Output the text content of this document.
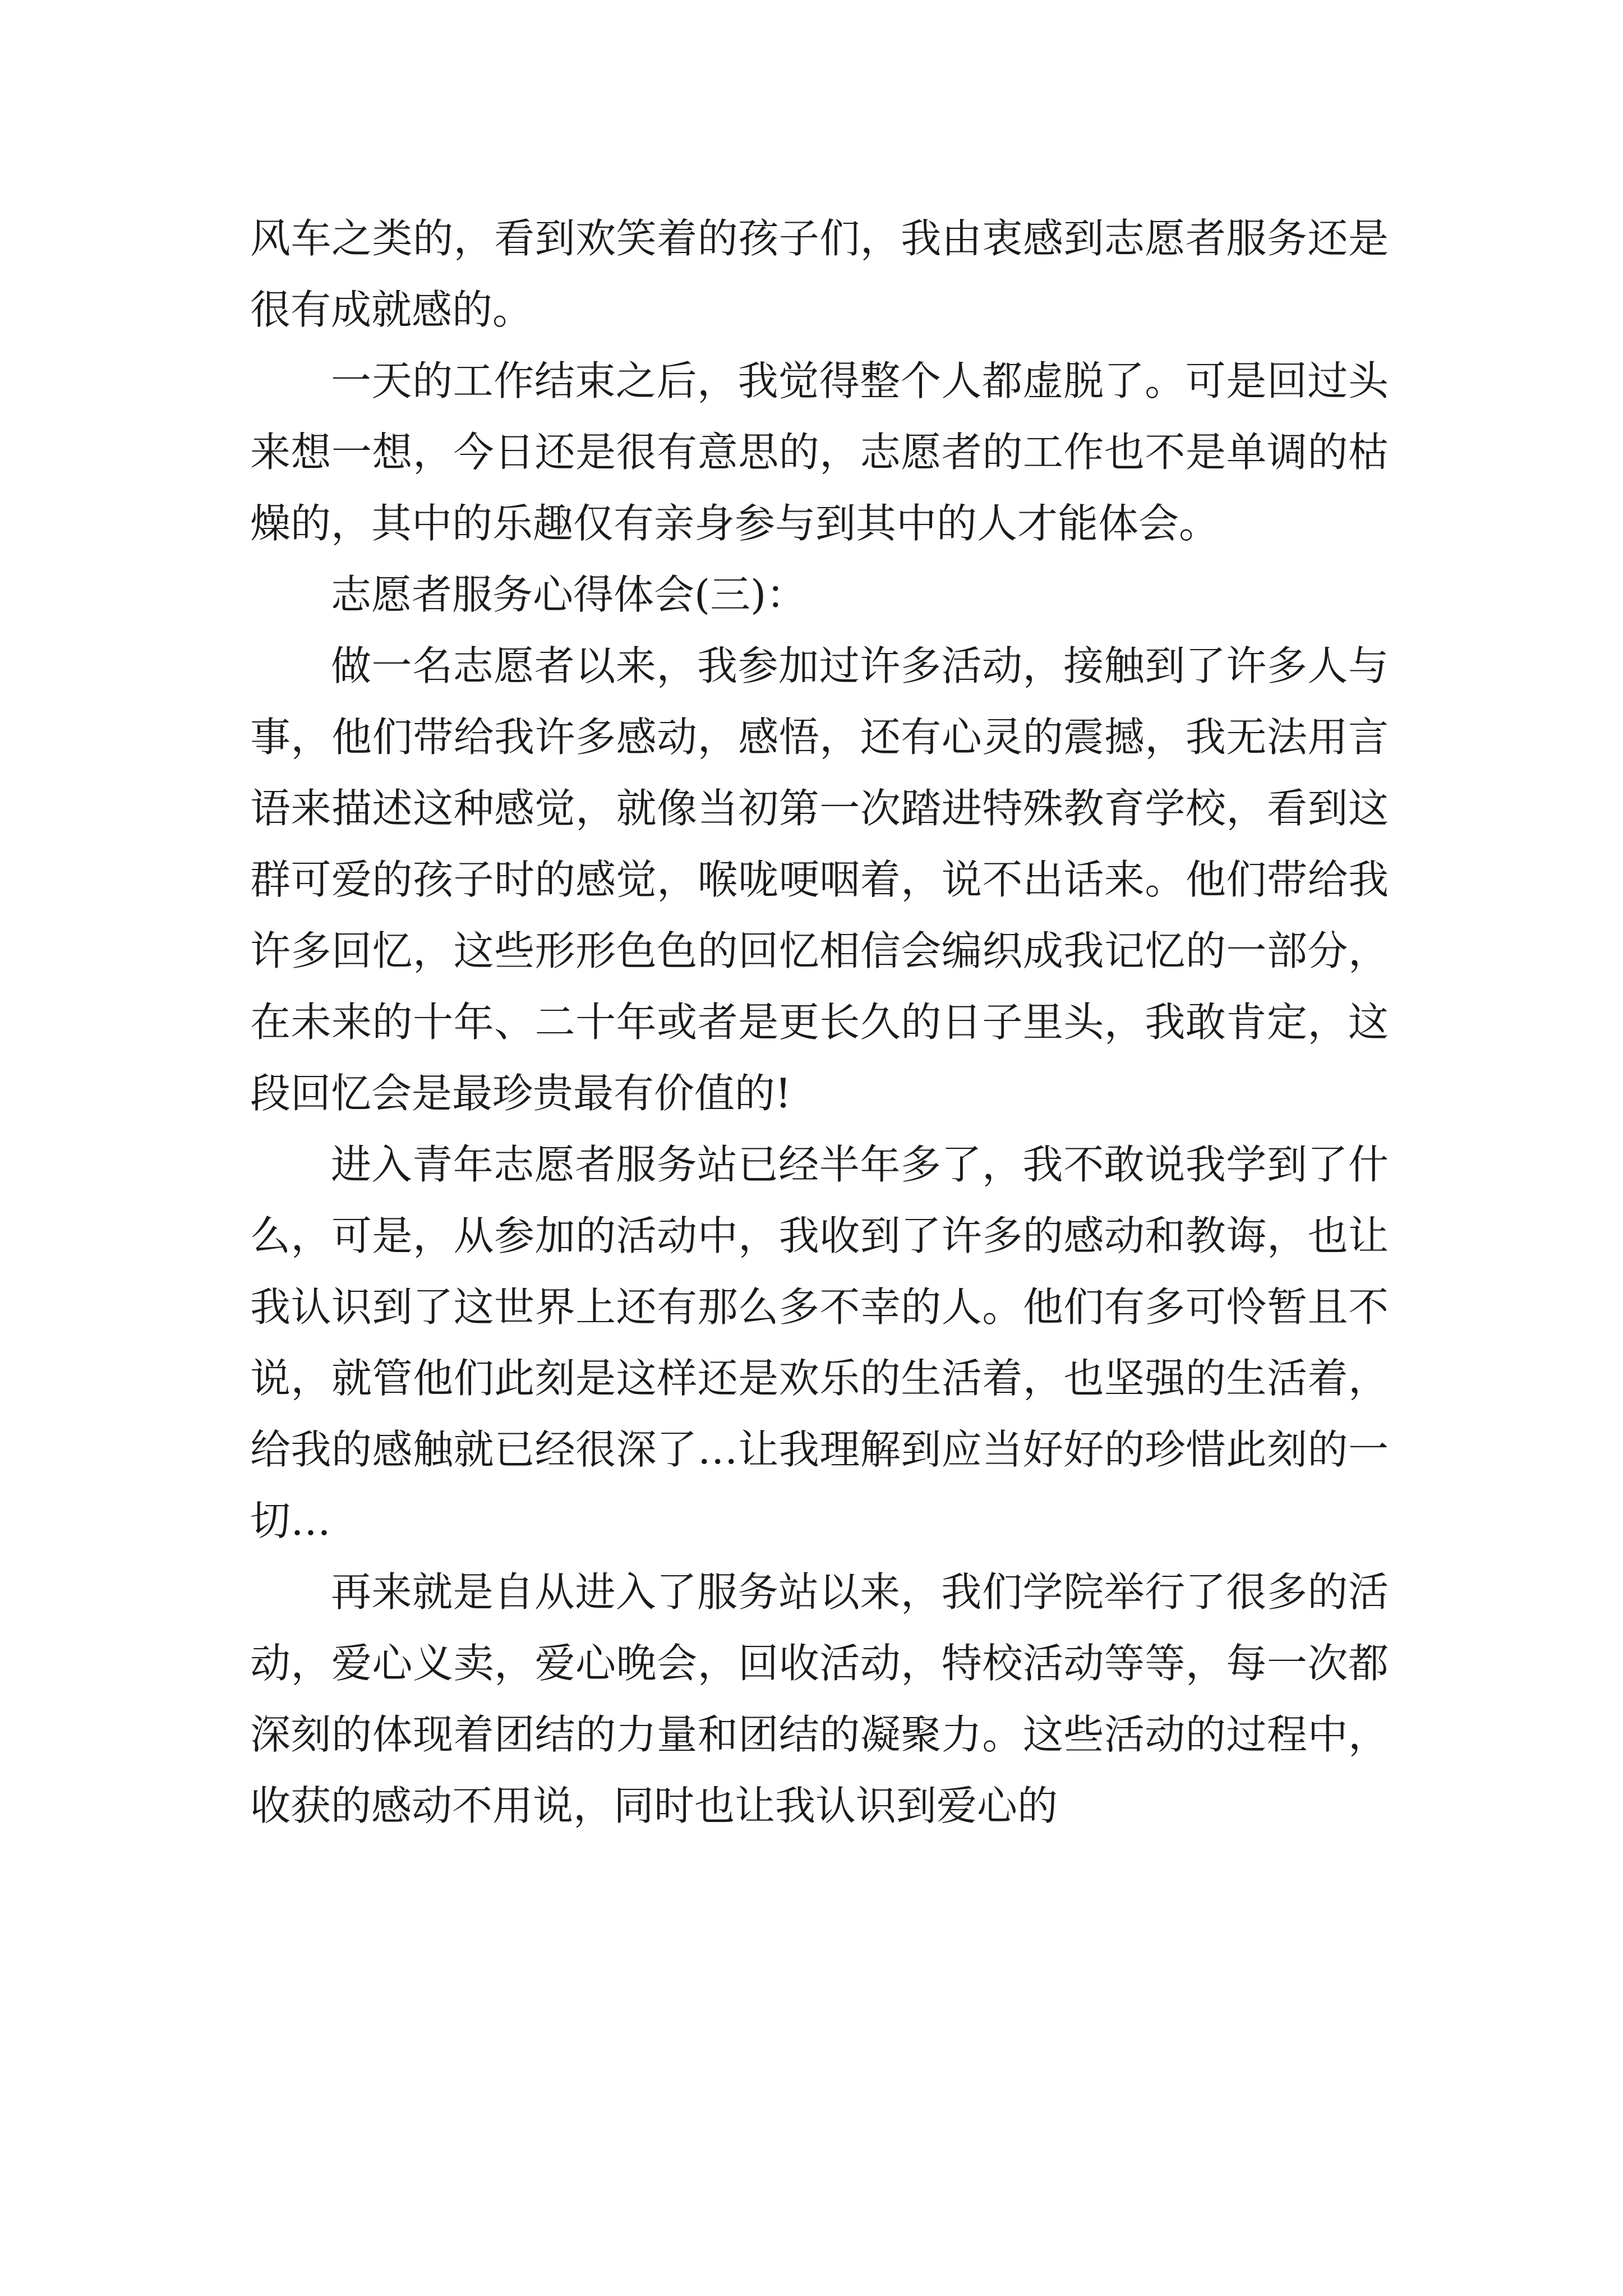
风车之类的，看到欢笑着的孩子们，我由衷感到志愿者服务还是很有成就感的。

一天的工作结束之后，我觉得整个人都虚脱了。可是回过头来想一想，今日还是很有意思的，志愿者的工作也不是单调的枯燥的，其中的乐趣仅有亲身参与到其中的人才能体会。

志愿者服务心得体会(三)：

做一名志愿者以来，我参加过许多活动，接触到了许多人与事，他们带给我许多感动，感悟，还有心灵的震撼，我无法用言语来描述这种感觉，就像当初第一次踏进特殊教育学校，看到这群可爱的孩子时的感觉，喉咙哽咽着，说不出话来。他们带给我许多回忆，这些形形色色的回忆相信会编织成我记忆的一部分，在未来的十年、二十年或者是更长久的日子里头，我敢肯定，这段回忆会是最珍贵最有价值的!

进入青年志愿者服务站已经半年多了，我不敢说我学到了什么，可是，从参加的活动中，我收到了许多的感动和教诲，也让我认识到了这世界上还有那么多不幸的人。他们有多可怜暂且不说，就管他们此刻是这样还是欢乐的生活着，也坚强的生活着，给我的感触就已经很深了…让我理解到应当好好的珍惜此刻的一切…

再来就是自从进入了服务站以来，我们学院举行了很多的活动，爱心义卖，爱心晚会，回收活动，特校活动等等，每一次都深刻的体现着团结的力量和团结的凝聚力。这些活动的过程中，收获的感动不用说，同时也让我认识到爱心的
